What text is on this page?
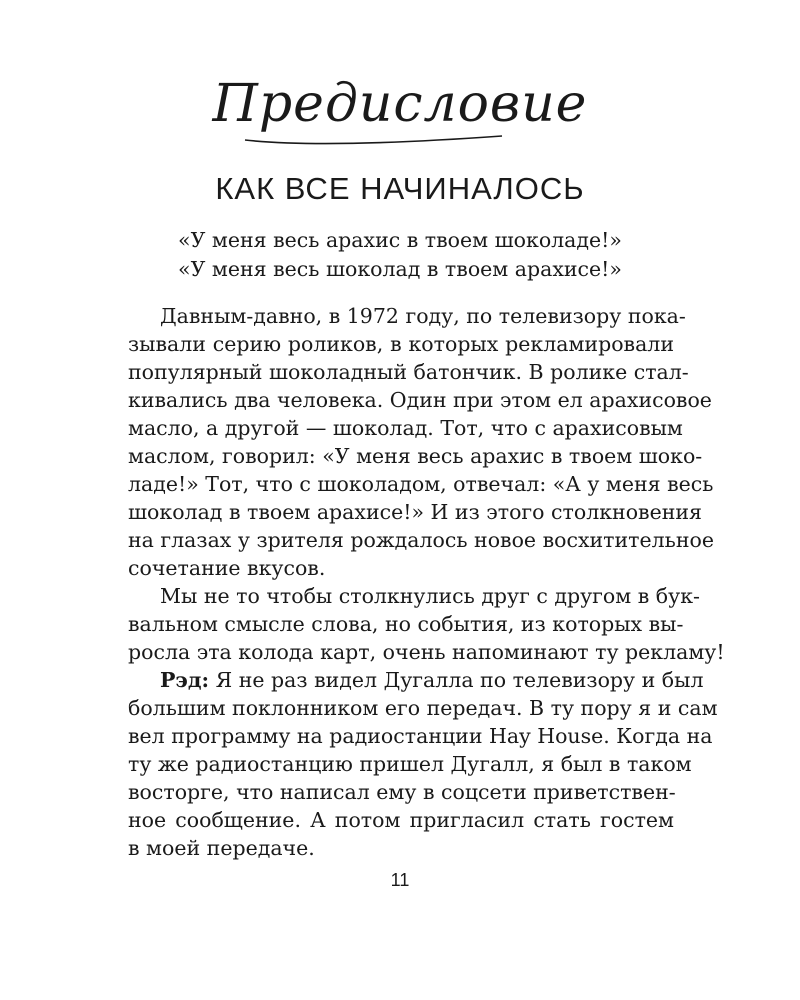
Предисловие
КАК ВСЕ НАЧИНАЛОСЬ
«У меня весь арахис в твоем шоколаде!»
«У меня весь шоколад в твоем арахисе!»
Давным-давно, в 1972 году, по телевизору пока-
зывали серию роликов, в которых рекламировали
популярный шоколадный батончик. В ролике стал-
кивались два человека. Один при этом ел арахисовое
масло, а другой — шоколад. Тот, что с арахисовым
маслом, говорил: «У меня весь арахис в твоем шоко-
ладе!» Тот, что с шоколадом, отвечал: «А у меня весь
шоколад в твоем арахисе!» И из этого столкновения
на глазах у зрителя рождалось новое восхитительное
сочетание вкусов.
Мы не то чтобы столкнулись друг с другом в бук-
вальном смысле слова, но события, из которых вы-
росла эта колода карт, очень напоминают ту рекламу!
Рэд: Я не раз видел Дугалла по телевизору и был
большим поклонником его передач. В ту пору я и сам
вел программу на радиостанции Hay House. Когда на
ту же радиостанцию пришел Дугалл, я был в таком
восторге, что написал ему в соцсети приветствен-
ное сообщение. А потом пригласил стать гостем
в моей передаче.
11
